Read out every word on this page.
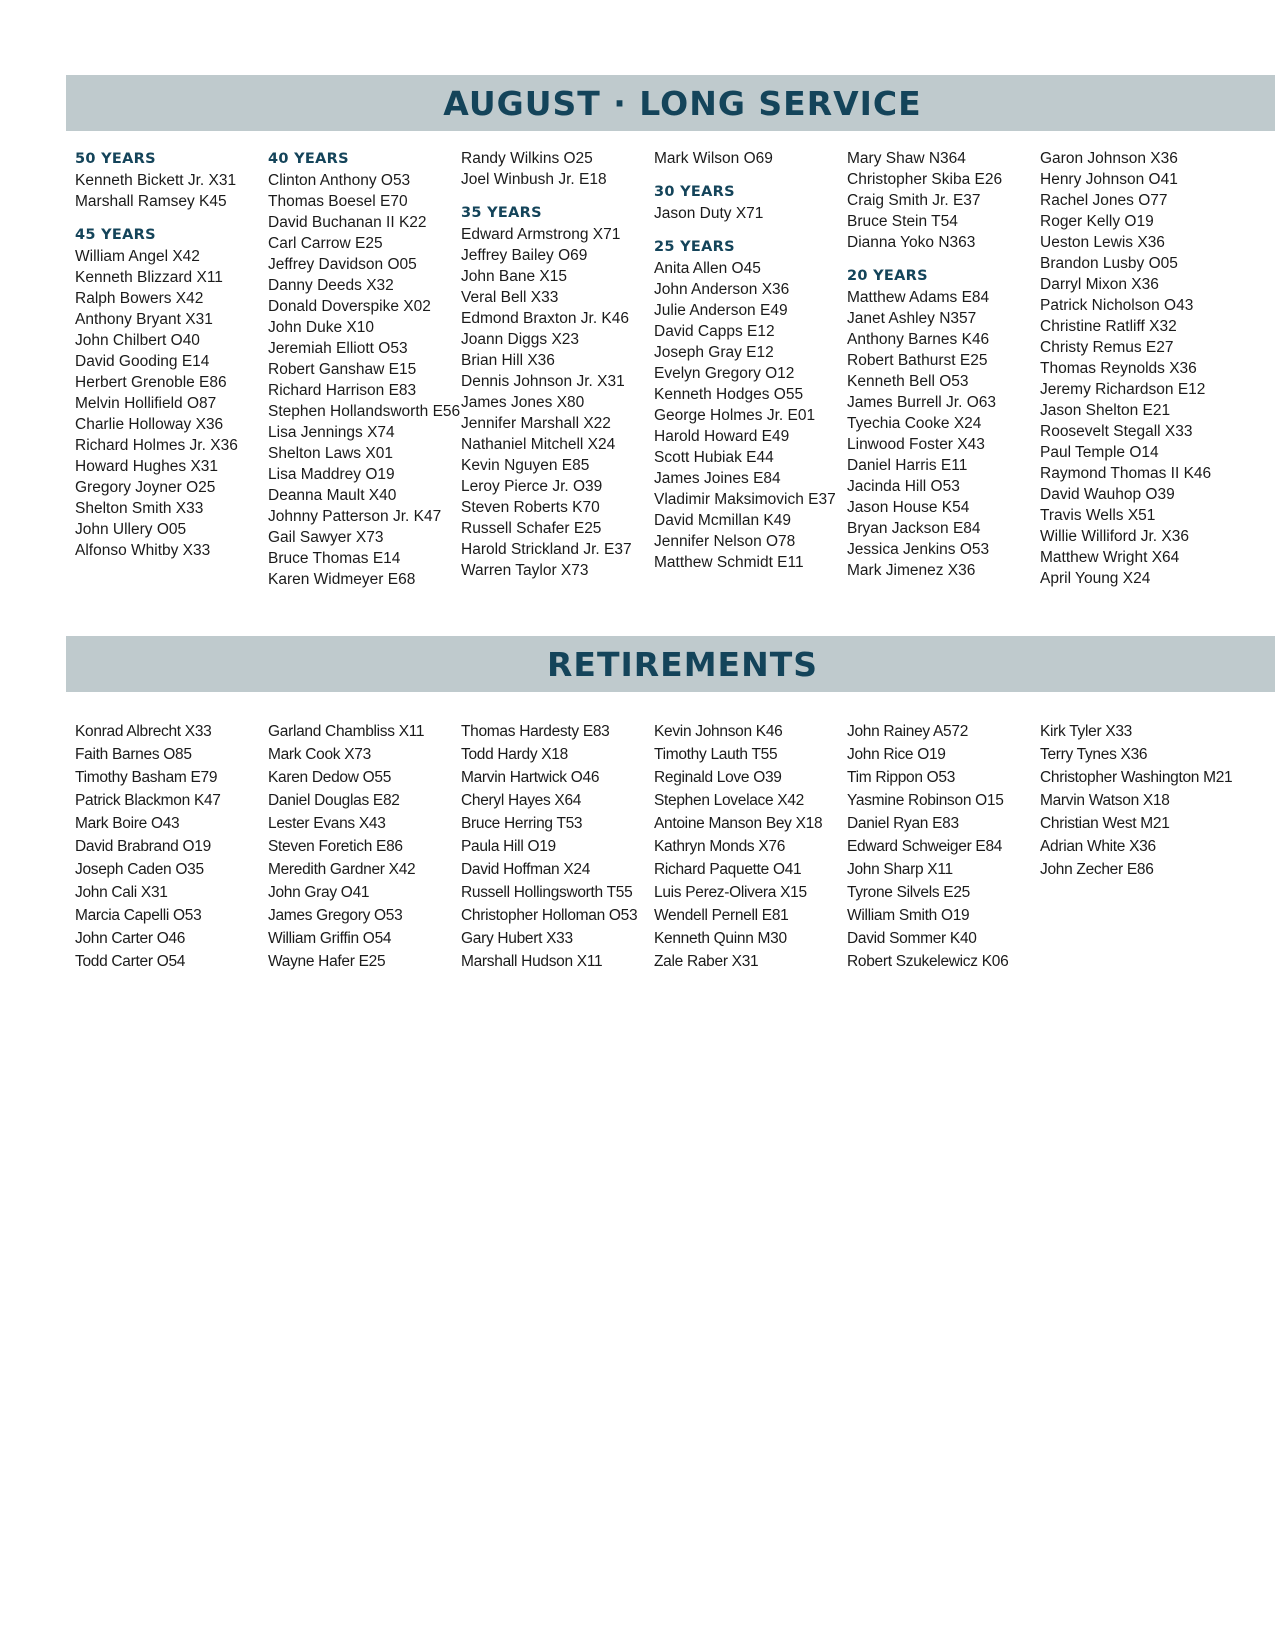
AUGUST · LONG SERVICE
50 YEARS
Kenneth Bickett Jr. X31
Marshall Ramsey K45
45 YEARS
William Angel X42
Kenneth Blizzard X11
Ralph Bowers X42
Anthony Bryant X31
John Chilbert O40
David Gooding E14
Herbert Grenoble E86
Melvin Hollifield O87
Charlie Holloway X36
Richard Holmes Jr. X36
Howard Hughes X31
Gregory Joyner O25
Shelton Smith X33
John Ullery O05
Alfonso Whitby X33
40 YEARS
Clinton Anthony O53
Thomas Boesel E70
David Buchanan II K22
Carl Carrow E25
Jeffrey Davidson O05
Danny Deeds X32
Donald Doverspike X02
John Duke X10
Jeremiah Elliott O53
Robert Ganshaw E15
Richard Harrison E83
Stephen Hollandsworth E56
Lisa Jennings X74
Shelton Laws X01
Lisa Maddrey O19
Deanna Mault X40
Johnny Patterson Jr. K47
Gail Sawyer X73
Bruce Thomas E14
Karen Widmeyer E68
Randy Wilkins O25
Joel Winbush Jr. E18
35 YEARS
Edward Armstrong X71
Jeffrey Bailey O69
John Bane X15
Veral Bell X33
Edmond Braxton Jr. K46
Joann Diggs X23
Brian Hill X36
Dennis Johnson Jr. X31
James Jones X80
Jennifer Marshall X22
Nathaniel Mitchell X24
Kevin Nguyen E85
Leroy Pierce Jr. O39
Steven Roberts K70
Russell Schafer E25
Harold Strickland Jr. E37
Warren Taylor X73
Mark Wilson O69
30 YEARS
Jason Duty X71
25 YEARS
Anita Allen O45
John Anderson X36
Julie Anderson E49
David Capps E12
Joseph Gray E12
Evelyn Gregory O12
Kenneth Hodges O55
George Holmes Jr. E01
Harold Howard E49
Scott Hubiak E44
James Joines E84
Vladimir Maksimovich E37
David Mcmillan K49
Jennifer Nelson O78
Matthew Schmidt E11
Mary Shaw N364
Christopher Skiba E26
Craig Smith Jr. E37
Bruce Stein T54
Dianna Yoko N363
20 YEARS
Matthew Adams E84
Janet Ashley N357
Anthony Barnes K46
Robert Bathurst E25
Kenneth Bell O53
James Burrell Jr. O63
Tyechia Cooke X24
Linwood Foster X43
Daniel Harris E11
Jacinda Hill O53
Jason House K54
Bryan Jackson E84
Jessica Jenkins O53
Mark Jimenez X36
Garon Johnson X36
Henry Johnson O41
Rachel Jones O77
Roger Kelly O19
Ueston Lewis X36
Brandon Lusby O05
Darryl Mixon X36
Patrick Nicholson O43
Christine Ratliff X32
Christy Remus E27
Thomas Reynolds X36
Jeremy Richardson E12
Jason Shelton E21
Roosevelt Stegall X33
Paul Temple O14
Raymond Thomas II K46
David Wauhop O39
Travis Wells X51
Willie Williford Jr. X36
Matthew Wright X64
April Young X24
RETIREMENTS
Konrad Albrecht X33
Faith Barnes O85
Timothy Basham E79
Patrick Blackmon K47
Mark Boire O43
David Brabrand O19
Joseph Caden O35
John Cali X31
Marcia Capelli O53
John Carter O46
Todd Carter O54
Garland Chambliss X11
Mark Cook X73
Karen Dedow O55
Daniel Douglas E82
Lester Evans X43
Steven Foretich E86
Meredith Gardner X42
John Gray O41
James Gregory O53
William Griffin O54
Wayne Hafer E25
Thomas Hardesty E83
Todd Hardy X18
Marvin Hartwick O46
Cheryl Hayes X64
Bruce Herring T53
Paula Hill O19
David Hoffman X24
Russell Hollingsworth T55
Christopher Holloman O53
Gary Hubert X33
Marshall Hudson X11
Kevin Johnson K46
Timothy Lauth T55
Reginald Love O39
Stephen Lovelace X42
Antoine Manson Bey X18
Kathryn Monds X76
Richard Paquette O41
Luis Perez-Olivera X15
Wendell Pernell E81
Kenneth Quinn M30
Zale Raber X31
John Rainey A572
John Rice O19
Tim Rippon O53
Yasmine Robinson O15
Daniel Ryan E83
Edward Schweiger E84
John Sharp X11
Tyrone Silvels E25
William Smith O19
David Sommer K40
Robert Szukelewicz K06
Kirk Tyler X33
Terry Tynes X36
Christopher Washington M21
Marvin Watson X18
Christian West M21
Adrian White X36
John Zecher E86
